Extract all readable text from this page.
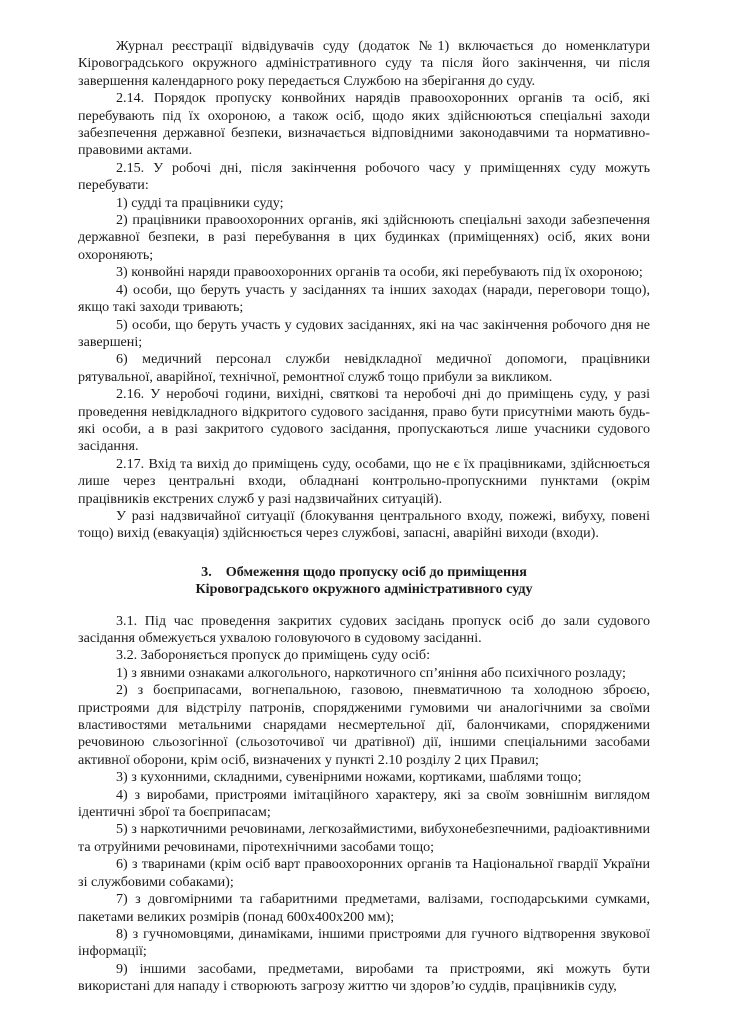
Журнал реєстрації відвідувачів суду (додаток №1) включається до номенклатури Кіровоградського окружного адміністративного суду та після його закінчення, чи після завершення календарного року передається Службою на зберігання до суду.

2.14. Порядок пропуску конвойних нарядів правоохоронних органів та осіб, які перебувають під їх охороною, а також осіб, щодо яких здійснюються спеціальні заходи забезпечення державної безпеки, визначається відповідними законодавчими та нормативно-правовими актами.

2.15. У робочі дні, після закінчення робочого часу у приміщеннях суду можуть перебувати:

1) судді та працівники суду;

2) працівники правоохоронних органів, які здійснюють спеціальні заходи забезпечення державної безпеки, в разі перебування в цих будинках (приміщеннях) осіб, яких вони охороняють;

3) конвойні наряди правоохоронних органів та особи, які перебувають під їх охороною;

4) особи, що беруть участь у засіданнях та інших заходах (наради, переговори тощо), якщо такі заходи тривають;

5) особи, що беруть участь у судових засіданнях, які на час закінчення робочого дня не завершені;

6) медичний персонал служби невідкладної медичної допомоги, працівники рятувальної, аварійної, технічної, ремонтної служб тощо прибули за викликом.

2.16. У неробочі години, вихідні, святкові та неробочі дні до приміщень суду, у разі проведення невідкладного відкритого судового засідання, право бути присутніми мають будь-які особи, а в разі закритого судового засідання, пропускаються лише учасники судового засідання.

2.17. Вхід та вихід до приміщень суду, особами, що не є їх працівниками, здійснюється лише через центральні входи, обладнані контрольно-пропускними пунктами (окрім працівників екстрених служб у разі надзвичайних ситуацій).

У разі надзвичайної ситуації (блокування центрального входу, пожежі, вибуху, повені тощо) вихід (евакуація) здійснюється через службові, запасні, аварійні виходи (входи).

3. Обмеження щодо пропуску осіб до приміщення

Кіровоградського окружного адміністративного суду

3.1. Під час проведення закритих судових засідань пропуск осіб до зали судового засідання обмежується ухвалою головуючого в судовому засіданні.

3.2. Забороняється пропуск до приміщень суду осіб:

1) з явними ознаками алкогольного, наркотичного сп’яніння або психічного розладу;

2) з боєприпасами, вогнепальною, газовою, пневматичною та холодною зброєю, пристроями для відстрілу патронів, спорядженими гумовими чи аналогічними за своїми властивостями метальними снарядами несмертельної дії, балончиками, спорядженими речовиною сльозогінної (сльозоточивої чи дратівної) дії, іншими спеціальними засобами активної оборони, крім осіб, визначених у пункті 2.10 розділу 2 цих Правил;

3) з кухонними, складними, сувенірними ножами, кортиками, шаблями тощо;

4) з виробами, пристроями імітаційного характеру, які за своїм зовнішнім виглядом ідентичні зброї та боєприпасам;

5) з наркотичними речовинами, легкозаймистими, вибухонебезпечними, радіоактивними та отруйними речовинами, піротехнічними засобами тощо;

6) з тваринами (крім осіб варт правоохоронних органів та Національної гвардії України зі службовими собаками);

7) з довгомірними та габаритними предметами, валізами, господарськими сумками, пакетами великих розмірів (понад 600х400х200 мм);

8) з гучномовцями, динаміками, іншими пристроями для гучного відтворення звукової інформації;

9) іншими засобами, предметами, виробами та пристроями, які можуть бути використані для нападу і створюють загрозу життю чи здоров’ю суддів, працівників суду,
